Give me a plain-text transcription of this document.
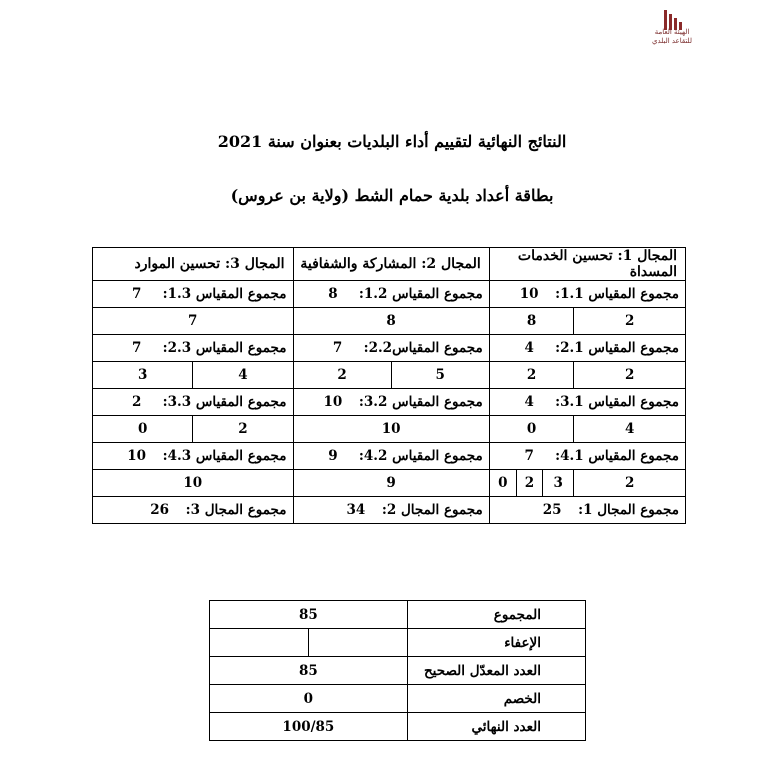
الهيئة العامة
للتقاعد البلدي
النتائج النهائية لتقييم أداء البلديات بعنوان سنة 2021
بطاقة أعداد بلدية حمام الشط (ولاية بن عروس)
المجال 1: تحسين الخدمات المسداة				المجال 2: المشاركة والشفافية		المجال 3: تحسين الموارد	
مجموع المقياس 1.1:10				مجموع المقياس 1.2:8		مجموع المقياس 1.3:7	
2	8			8		7	
مجموع المقياس 2.1:4				مجموع المقياس2.2:7		مجموع المقياس 2.3:7	
2	2			5	2	4	3
مجموع المقياس 3.1:4				مجموع المقياس 3.2:10		مجموع المقياس 3.3:2	
4	0			10		2	0
مجموع المقياس 4.1:7				مجموع المقياس 4.2:9		مجموع المقياس 4.3:10	
2	3	2	0	9		10	
مجموع المجال 1:25				مجموع المجال 2:34		مجموع المجال 3:26	
المجموع	85	
الإعفاء		
العدد المعدّل الصحيح	85	
الخصم	0	
العدد النهائي	100/85	
